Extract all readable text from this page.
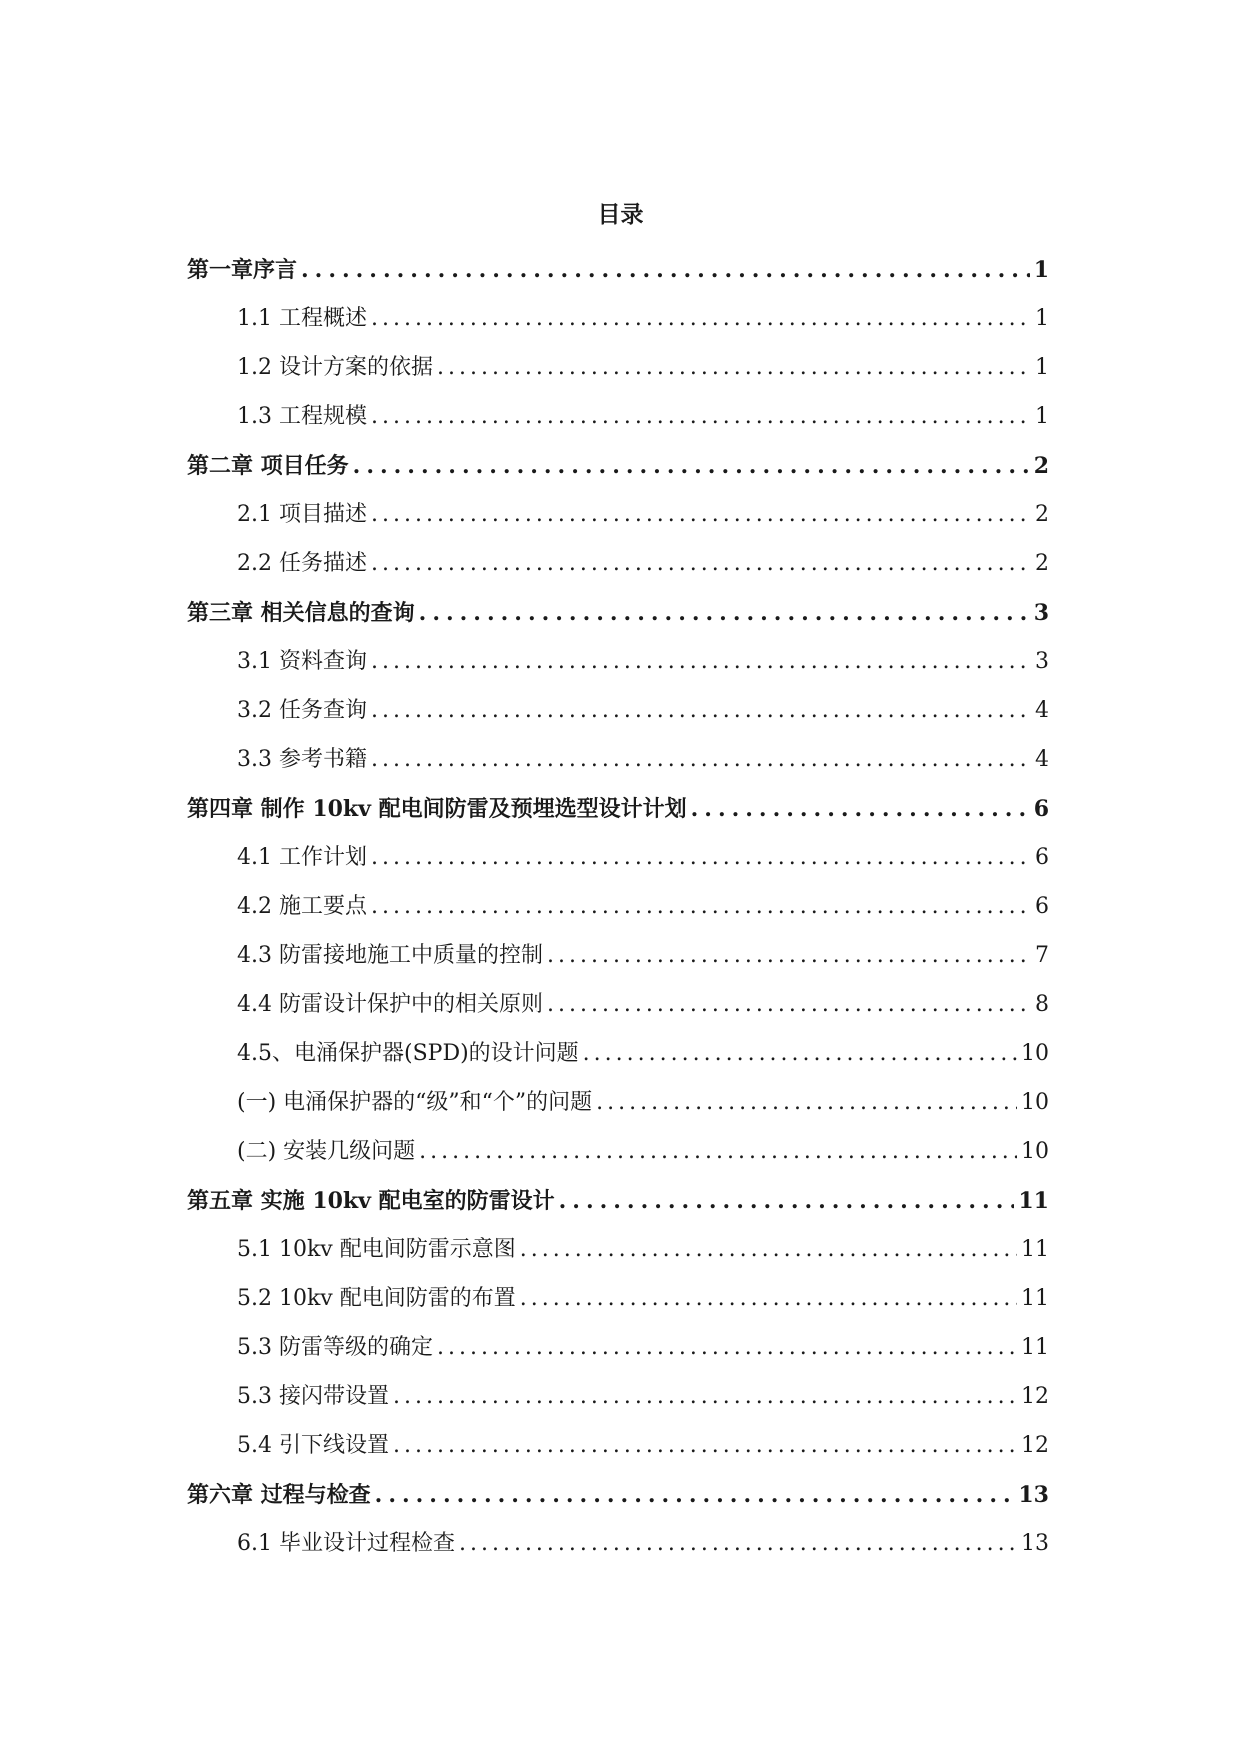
目录
第一章序言 .....	1
1.1 工程概述 .....	1
1.2 设计方案的依据 .....	1
1.3 工程规模 .....	1
第二章 项目任务 .....	2
2.1 项目描述 .....	2
2.2 任务描述 .....	2
第三章 相关信息的查询 .....	3
3.1 资料查询 .....	3
3.2 任务查询 .....	4
3.3 参考书籍 .....	4
第四章 制作 10kv 配电间防雷及预埋选型设计计划 .....	6
4.1 工作计划 .....	6
4.2 施工要点 .....	6
4.3 防雷接地施工中质量的控制 .....	7
4.4 防雷设计保护中的相关原则 .....	8
4.5、电涌保护器(SPD)的设计问题 .....	10
(一) 电涌保护器的“级”和“个”的问题 .....	10
(二) 安装几级问题 .....	10
第五章 实施 10kv 配电室的防雷设计 .....	11
5.1 10kv 配电间防雷示意图 .....	11
5.2 10kv 配电间防雷的布置 .....	11
5.3 防雷等级的确定 .....	11
5.3 接闪带设置 .....	12
5.4 引下线设置 .....	12
第六章 过程与检查 .....	13
6.1 毕业设计过程检查 .....	13
